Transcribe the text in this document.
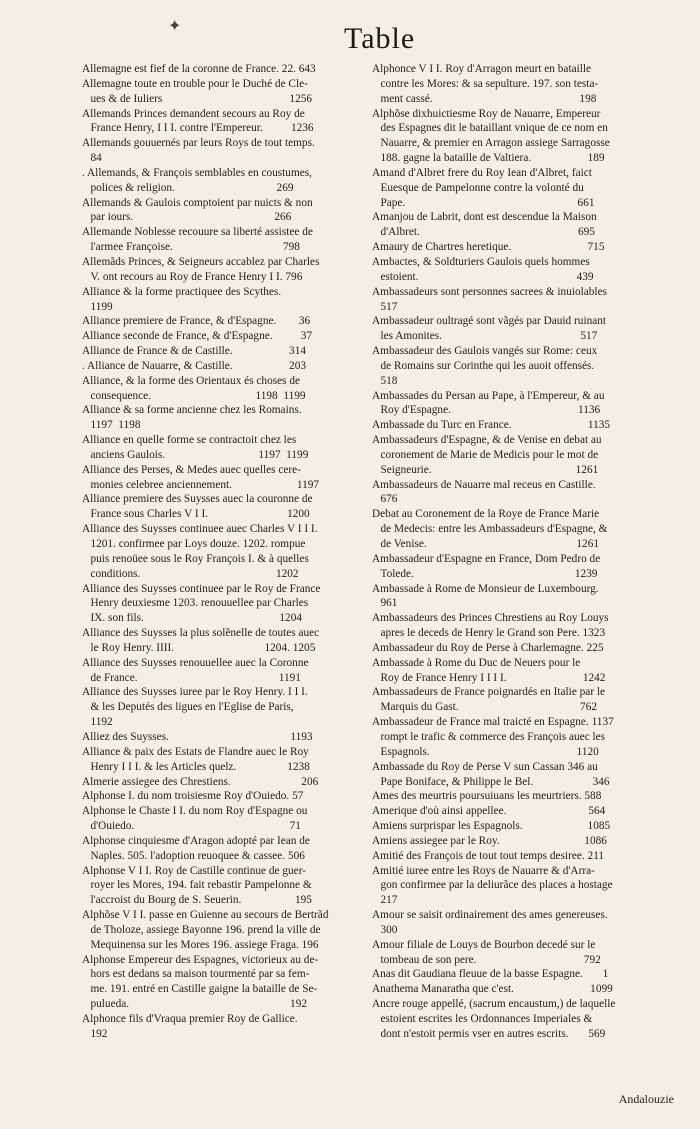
✦	Table

Allemagne est fief de la coronne de France. 22. 643

Allemagne toute en trouble pour le Duché de Cle-

ues & de Iuliers                                             1256

Allemands Princes demandent secours au Roy de

France Henry, I I I. contre l'Empereur.          1236

Allemands gouuernés par leurs Roys de tout temps.

84

. Allemands, & François semblables en coustumes,

polices & religion.                                    269

Allemands & Gaulois comptoient par nuicts & non

par iours.                                                  266

Allemande Noblesse recouure sa liberté assistee de

l'armee Françoise.                                       798

Allemãds Princes, & Seigneurs accablez par Charles

V. ont recours au Roy de France Henry I I. 796

Alliance & la forme practiquee des Scythes.

1199

Alliance premiere de France, & d'Espagne.        36

Alliance seconde de France, & d'Espagne.          37

Alliance de France & de Castille.                    314

. Alliance de Nauarre, & Castille.                    203

Alliance, & la forme des Orientaux és choses de

consequence.                                     1198  1199

Alliance & sa forme ancienne chez les Romains.

1197  1198

Alliance en quelle forme se contractoit chez les

anciens Gaulois.                                 1197  1199

Alliance des Perses, & Medes auec quelles cere-

monies celebree anciennement.                       1197

Alliance premiere des Suysses auec la couronne de

France sous Charles V I I.                            1200

Alliance des Suysses continuee auec Charles V I I I.

1201. confirmee par Loys douze. 1202. rompue

puis renoüee sous le Roy François I. & à quelles

conditions.                                                1202

Alliance des Suysses continuee par le Roy de France

Henry deuxiesme 1203. renouuellee par Charles

IX. son fils.                                                1204

Alliance des Suysses la plus solẽnelle de toutes auec

le Roy Henry. IIII.                                1204. 1205

Alliance des Suysses renouuellee auec la Coronne

de France.                                                  1191

Alliance des Suysses iuree par le Roy Henry. I I I.

& les Deputés des ligues en l'Eglise de Paris,

1192

Alliez des Suysses.                                           1193

Alliance & paix des Estats de Flandre auec le Roy

Henry I I I. & les Articles quelz.                  1238

Almerie assiegee des Chrestiens.                         206

Alphonse I. du nom troisiesme Roy d'Ouiedo. 57

Alphonse le Chaste I I. du nom Roy d'Espagne ou

d'Ouiedo.                                                       71

Alphonse cinquiesme d'Aragon adopté par Iean de

Naples. 505. l'adoption reuoquee & cassee. 506

Alphonse V I I. Roy de Castille continue de guer-

royer les Mores, 194. fait rebastir Pampelonne &

l'accroist du Bourg de S. Seuerin.                   195

Alphõse V I I. passe en Guienne au secours de Bertrãd

de Tholoze, assiege Bayonne 196. prend la ville de

Mequinensa sur les Mores 196. assiege Fraga. 196

Alphonse Empereur des Espagnes, victorieux au de-

hors est dedans sa maison tourmenté par sa fem-

me. 191. entré en Castille gaigne la bataille de Se-

pulueda.                                                         192

Alphonce fils d'Vraqua premier Roy de Gallice.

192

Alphonce V I I. Roy d'Arragon meurt en bataille

contre les Mores: & sa sepulture. 197. son testa-

ment cassé.                                                    198

Alphõse dixhuictiesme Roy de Nauarre, Empereur

des Espagnes dit le bataillant vnique de ce nom en

Nauarre, & premier en Arragon assiege Sarragosse

188. gagne la bataille de Valtiera.                    189

Amand d'Albret frere du Roy Iean d'Albret, faict

Euesque de Pampelonne contre la volonté du

Pape.                                                             661

Amanjou de Labrit, dont est descendue la Maison

d'Albret.                                                        695

Amaury de Chartres heretique.                           715

Ambactes, & Soldturiers Gaulois quels hommes

estoient.                                                        439

Ambassadeurs sont personnes sacrees & inuiolables

517

Ambassadeur oultragé sont vãgés par Dauid ruinant

les Amonites.                                                 517

Ambassadeur des Gaulois vangés sur Rome: ceux

de Romains sur Corinthe qui les auoit offensés.

518

Ambassades du Persan au Pape, à l'Empereur, & au

Roy d'Espagne.                                             1136

Ambassade du Turc en France.                           1135

Ambassadeurs d'Espagne, & de Venise en debat au

coronement de Marie de Medicis pour le mot de

Seigneurie.                                                   1261

Ambassadeurs de Nauarre mal receus en Castille.

676

Debat au Coronement de la Roye de France Marie

de Medecis: entre les Ambassadeurs d'Espagne, &

de Venise.                                                     1261

Ambassadeur d'Espagne en France, Dom Pedro de

Tolede.                                                         1239

Ambassade à Rome de Monsieur de Luxembourg.

961

Ambassadeurs des Princes Chrestiens au Roy Louys

apres le deceds de Henry le Grand son Pere. 1323

Ambassadeur du Roy de Perse à Charlemagne. 225

Ambassade à Rome du Duc de Neuers pour le

Roy de France Henry I I I I.                           1242

Ambassadeurs de France poignardés en Italie par le

Marquis du Gast.                                           762

Ambassadeur de France mal traicté en Espagne. 1137

rompt le trafic & commerce des François auec les

Espagnols.                                                    1120

Ambassade du Roy de Perse V sun Cassan 346 au

Pape Boniface, & Philippe le Bel.                     346

Ames des meurtris poursuiuans les meurtriers. 588

Amerique d'où ainsi appellee.                             564

Amiens surprispar les Espagnols.                       1085

Amiens assiegee par le Roy.                              1086

Amitié des François de tout tout temps desiree. 211

Amitié iuree entre les Roys de Nauarre & d'Arra-

gon confirmee par la deliurãce des places a hostage

217

Amour se saisit ordinairement des ames genereuses.

300

Amour filiale de Louys de Bourbon decedé sur le

tombeau de son pere.                                      792

Anas dit Gaudiana fleuue de la basse Espagne.       1

Anathema Manaratha que c'est.                           1099

Ancre rouge appellé, (sacrum encaustum,) de laquelle

estoient escrites les Ordonnances Imperiales &

dont n'estoit permis vser en autres escrits.       569

Andalouzie
